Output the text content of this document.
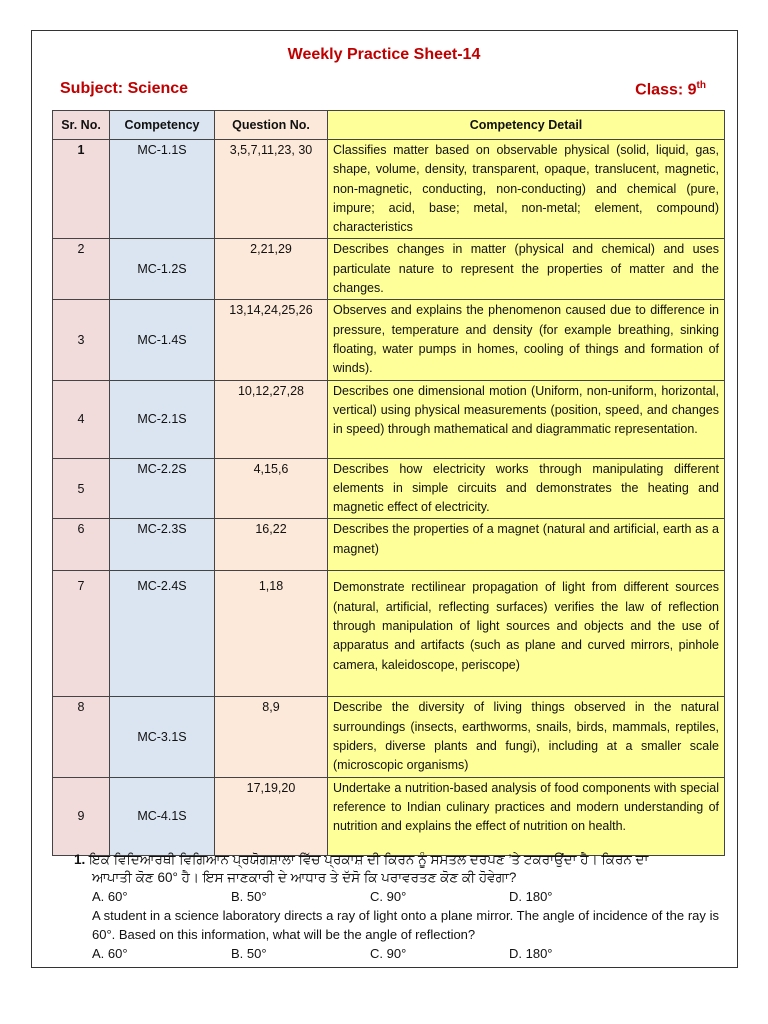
Weekly Practice Sheet-14
Subject: Science	Class: 9th
Sr. No.	Competency	Question No.	Competency Detail
1	MC-1.1S	3,5,7,11,23, 30	Classifies matter based on observable physical (solid, liquid, gas, shape, volume, density, transparent, opaque, translucent, magnetic, non-magnetic, conducting, non-conducting) and chemical (pure, impure; acid, base; metal, non-metal; element, compound) characteristics
2	MC-1.2S	2,21,29	Describes changes in matter (physical and chemical) and uses particulate nature to represent the properties of matter and the changes.
3	MC-1.4S	13,14,24,25,26	Observes and explains the phenomenon caused due to difference in pressure, temperature and density (for example breathing, sinking floating, water pumps in homes, cooling of things and formation of winds).
4	MC-2.1S	10,12,27,28	Describes one dimensional motion (Uniform, non-uniform, horizontal, vertical) using physical measurements (position, speed, and changes in speed) through mathematical and diagrammatic representation.
5	MC-2.2S	4,15,6	Describes how electricity works through manipulating different elements in simple circuits and demonstrates the heating and magnetic effect of electricity.
6	MC-2.3S	16,22	Describes the properties of a magnet (natural and artificial, earth as a magnet)
7	MC-2.4S	1,18	Demonstrate rectilinear propagation of light from different sources (natural, artificial, reflecting surfaces) verifies the law of reflection through manipulation of light sources and objects and the use of apparatus and artifacts (such as plane and curved mirrors, pinhole camera, kaleidoscope, periscope)
8	MC-3.1S	8,9	Describe the diversity of living things observed in the natural surroundings (insects, earthworms, snails, birds, mammals, reptiles, spiders, diverse plants and fungi), including at a smaller scale (microscopic organisms)
9	MC-4.1S	17,19,20	Undertake a nutrition-based analysis of food components with special reference to Indian culinary practices and modern understanding of nutrition and explains the effect of nutrition on health.
1. ਇਕ ਵਿਦਿਆਰਥੀ ਵਿਗਿਆਨ ਪ੍ਰਯੋਗਸ਼ਾਲਾ ਵਿੱਚ ਪ੍ਰਕਾਸ਼ ਦੀ ਕਿਰਨ ਨੂੰ ਸਮਤਲ ਦਰਪਣ ’ਤੇ ਟਕਰਾਉਂਦਾ ਹੈ। ਕਿਰਨ ਦਾ
ਆਪਾਤੀ ਕੋਣ 60° ਹੈ। ਇਸ ਜਾਣਕਾਰੀ ਦੇ ਆਧਾਰ ਤੇ ਦੱਸੋ ਕਿ ਪਰਾਵਰਤਣ ਕੋਣ ਕੀ ਹੋਵੇਗਾ?
A. 60°	B. 50°	C. 90°	D. 180°
A student in a science laboratory directs a ray of light onto a plane mirror. The angle of incidence of the ray is 60°. Based on this information, what will be the angle of reflection?
A. 60°	B. 50°	C. 90°	D. 180°
